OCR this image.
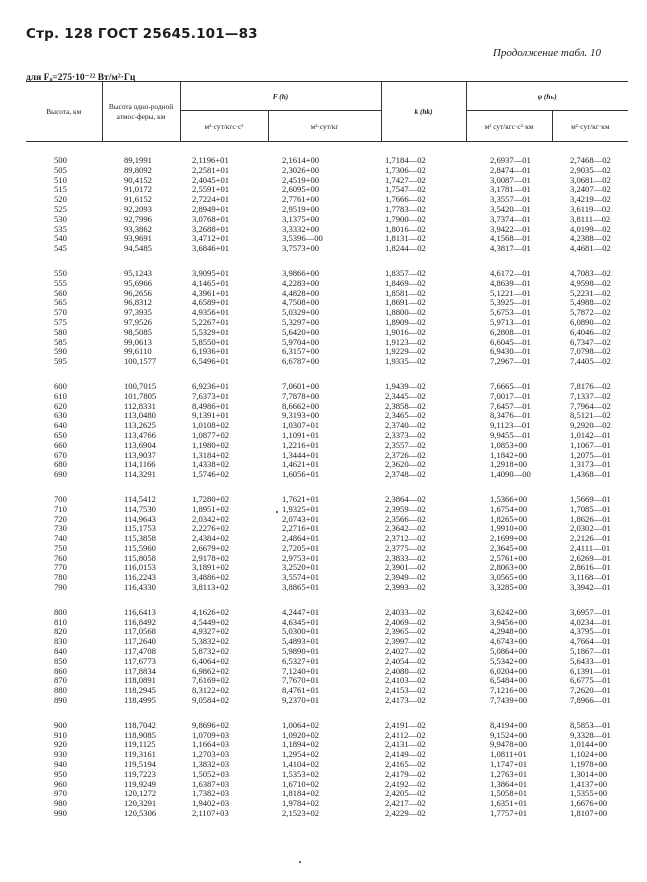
Стр. 128 ГОСТ 25645.101—83
Продолжение табл. 10
для F₀=275·10⁻²² Вт/м²·Гц
Высота, км	Высота одно-родной атмос-феры, км	F (h)		k (hk)	φ (hₕ)	
		м²·сут/кгс·с²	м²·сут/кг		м² сут/кгс·с²·км	м²·сут/кг·км
500	89,1991	2,1196+01	2,1614+00	1,7184—02	2,6937—01	2,7468—02
505	89,8092	2,2581+01	2,3026+00	1,7306—02	2,8474—01	2,9035—02
510	90,4152	2,4045+01	2,4519+00	1,7427—02	3,0087—01	3,0681—02
515	91,0172	2,5591+01	2,6095+00	1,7547—02	3,1781—01	3,2407—02
520	91,6152	2,7224+01	2,7761+00	1,7666—02	3,3557—01	3,4219—02
525	92,2093	2,8949+01	2,9519+00	1,7783—02	3,5420—01	3,6119—02
530	92,7996	3,0768+01	3,1375+00	1,7900—02	3,7374—01	3,8111—02
535	93,3862	3,2688+01	3,3332+00	1,8016—02	3,9422—01	4,0199—02
540	93,9691	3,4712+01	3,5396—00	1,8131—02	4,1568—01	4,2388—02
545	94,5485	3,6846+01	3,7573+00	1,8244—02	4,3817—01	4,4681—02

550	95,1243	3,9095+01	3,9866+00	1,8357—02	4,6172—01	4,7083—02
555	95,6966	4,1465+01	4,2283+00	1,8469—02	4,8639—01	4,9598—02
560	96,2656	4,3961+01	4,4828+00	1,8581—02	5,1221—01	5,2231—02
565	96,8312	4,6589+01	4,7508+00	1,8691—02	5,3925—01	5,4988—02
570	97,3935	4,9356+01	5,0329+00	1,8800—02	5,6753—01	5,7872—02
575	97,9526	5,2267+01	5,3297+00	1,8909—02	5,9713—01	6,0890—02
580	98,5085	5,5329+01	5,6420+00	1,9016—02	6,2808—01	6,4046—02
585	99,0613	5,8550+01	5,9704+00	1,9123—02	6,6045—01	6,7347—02
590	99,6110	6,1936+01	6,3157+00	1,9229—02	6,9430—01	7,0798—02
595	100,1577	6,5496+01	6,6787+00	1,9335—02	7,2967—01	7,4405—02

600	100,7015	6,9236+01	7,0601+00	1,9439—02	7,6665—01	7,8176—02
610	101,7805	7,6373+01	7,7878+00	2,3445—02	7,0017—01	7,1337—02
620	112,8331	8,4986+01	8,6662+00	2,3858—02	7,6457—01	7,7964—02
630	113,0480	9,1391+01	9,3193+00	2,3465—02	8,3476—01	8,5121—02
640	113,2625	1,0108+02	1,0307+01	2,3740—02	9,1123—01	9,2920—02
650	113,4766	1,0877+02	1,1091+01	2,3373—02	9,9455—01	1,0142—01
660	113,6904	1,1980+02	1,2216+01	2,3557—02	1,0853+00	1,1067—01
670	113,9037	1,3184+02	1,3444+01	2,3726—02	1,1842+00	1,2075—01
680	114,1166	1,4338+02	1,4621+01	2,3620—02	1,2918+00	1,3173—01
690	114,3291	1,5746+02	1,6056+01	2,3748—02	1,4090—00	1,4368—01

700	114,5412	1,7280+02	1,7621+01	2,3864—02	1,5366+00	1,5669—01
710	114,7530	1,8951+02	1,9325+01	2,3959—02	1,6754+00	1,7085—01
720	114,9643	2,0342+02	2,0743+01	2,3566—02	1,8265+00	1,8626—01
730	115,1753	2,2276+02	2,2716+01	2,3642—02	1,9910+00	2,0302—01
740	115,3858	2,4384+02	2,4864+01	2,3712—02	2,1699+00	2,2126—01
750	115,5960	2,6679+02	2,7205+01	2,3775—02	2,3645+00	2,4111—01
760	115,8058	2,9178+02	2,9753+01	2,3833—02	2,5761+00	2,6269—01
770	116,0153	3,1891+02	3,2520+01	2,3901—02	2,8063+00	2,8616—01
780	116,2243	3,4886+02	3,5574+01	2,3949—02	3,0565+00	3,1168—01
790	116,4330	3,8113+02	3,8865+01	2,3993—02	3,3285+00	3,3942—01

800	116,6413	4,1626+02	4,2447+01	2,4033—02	3,6242+00	3,6957—01
810	116,8492	4,5449+02	4,6345+01	2,4069—02	3,9456+00	4,0234—01
820	117,0568	4,9327+02	5,0300+01	2,3965—02	4,2948+00	4,3795—01
830	117,2640	5,3832+02	5,4893+01	2,3997—02	4,6743+00	4,7664—01
840	117,4708	5,8732+02	5,9890+01	2,4027—02	5,0864+00	5,1867—01
850	117,6773	6,4064+02	6,5327+01	2,4054—02	5,5342+00	5,6433—01
860	117,8834	6,9862+02	7,1240+01	2,4080—02	6,0204+00	6,1391—01
870	118,0891	7,6169+02	7,7670+01	2,4103—02	6,5484+00	6,6775—01
880	118,2945	8,3122+02	8,4761+01	2,4153—02	7,1216+00	7,2620—01
890	118,4995	9,0584+02	9,2370+01	2,4173—02	7,7439+00	7,8966—01

900	118,7042	9,8696+02	1,0064+02	2,4191—02	8,4194+00	8,5853—01
910	118,9085	1,0709+03	1,0920+02	2,4112—02	9,1524+00	9,3328—01
920	119,1125	1,1664+03	1,1894+02	2,4131—02	9,9478+00	1,0144+00
930	119,3161	1,2703+03	1,2954+02	2,4149—02	1,0811+01	1,1024+00
940	119,5194	1,3832+03	1,4104+02	2,4165—02	1,1747+01	1,1978+00
950	119,7223	1,5052+03	1,5353+02	2,4179—02	1,2763+01	1,3014+00
960	119,9249	1,6387+03	1,6710+02	2,4192—02	1,3864+01	1,4137+00
970	120,1272	1,7382+03	1,8184+02	2,4205—02	1,5058+01	1,5355+00
980	120,3291	1,9402+03	1,9784+02	2,4217—02	1,6351+01	1,6676+00
990	120,5306	2,1107+03	2,1523+02	2,4229—02	1,7757+01	1,8107+00
